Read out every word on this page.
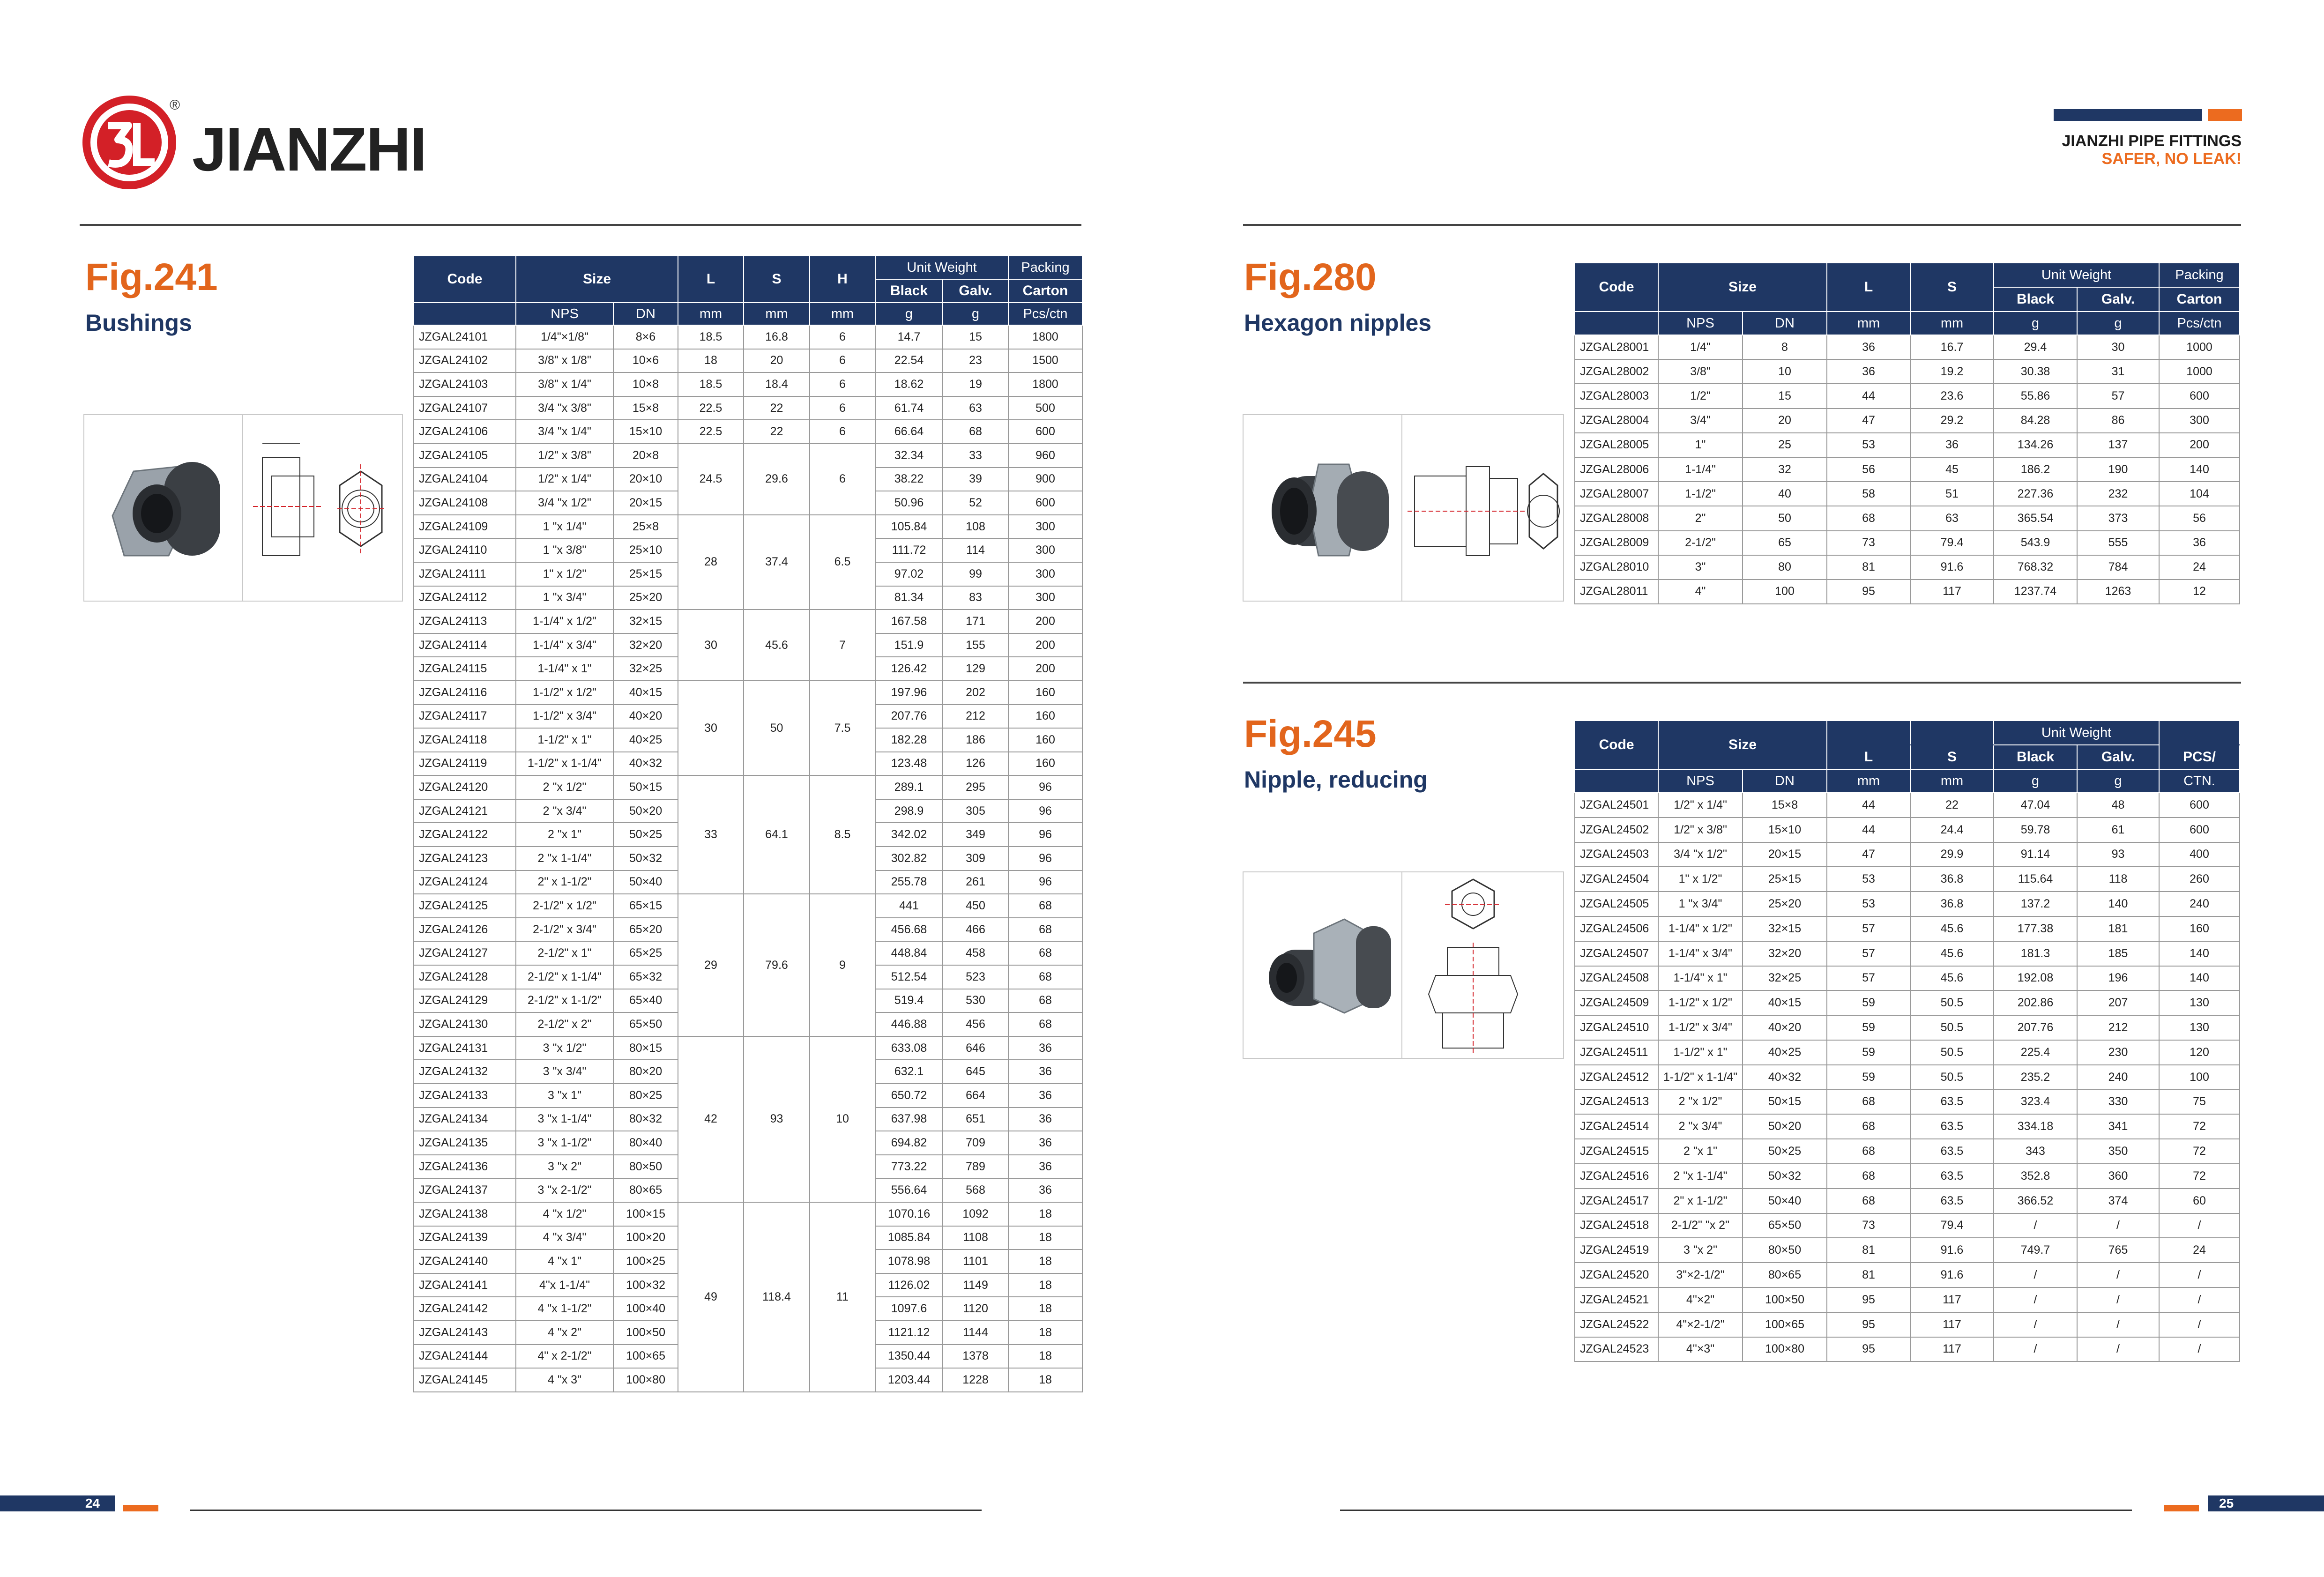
®
JIANZHI	JIANZHI PIPE FITTINGS
SAFER, NO LEAK!
Fig.241
Bushings
Code	Size		L	S	H	Unit Weight		Packing
						Black	Galv.	Carton
	NPS	DN	mm	mm	mm	g	g	Pcs/ctn
JZGAL24101	1/4"×1/8"	8×6	18.5	16.8	6	14.7	15	1800
JZGAL24102	3/8" x 1/8"	10×6	18	20	6	22.54	23	1500
JZGAL24103	3/8" x 1/4"	10×8	18.5	18.4	6	18.62	19	1800
JZGAL24107	3/4 "x 3/8"	15×8	22.5	22	6	61.74	63	500
JZGAL24106	3/4 "x 1/4"	15×10	22.5	22	6	66.64	68	600
JZGAL24105	1/2" x 3/8"	20×8	24.5	29.6	6	32.34	33	960
JZGAL24104	1/2" x 1/4"	20×10				38.22	39	900
JZGAL24108	3/4 "x 1/2"	20×15				50.96	52	600
JZGAL24109	1 "x 1/4"	25×8	28	37.4	6.5	105.84	108	300
JZGAL24110	1 "x 3/8"	25×10				111.72	114	300
JZGAL24111	1" x 1/2"	25×15				97.02	99	300
JZGAL24112	1 "x 3/4"	25×20				81.34	83	300
JZGAL24113	1-1/4" x 1/2"	32×15	30	45.6	7	167.58	171	200
JZGAL24114	1-1/4" x 3/4"	32×20				151.9	155	200
JZGAL24115	1-1/4" x 1"	32×25				126.42	129	200
JZGAL24116	1-1/2" x 1/2"	40×15	30	50	7.5	197.96	202	160
JZGAL24117	1-1/2" x 3/4"	40×20				207.76	212	160
JZGAL24118	1-1/2" x 1"	40×25				182.28	186	160
JZGAL24119	1-1/2" x 1-1/4"	40×32				123.48	126	160
JZGAL24120	2 "x 1/2"	50×15	33	64.1	8.5	289.1	295	96
JZGAL24121	2 "x 3/4"	50×20				298.9	305	96
JZGAL24122	2 "x 1"	50×25				342.02	349	96
JZGAL24123	2 "x 1-1/4"	50×32				302.82	309	96
JZGAL24124	2" x 1-1/2"	50×40				255.78	261	96
JZGAL24125	2-1/2" x 1/2"	65×15	29	79.6	9	441	450	68
JZGAL24126	2-1/2" x 3/4"	65×20				456.68	466	68
JZGAL24127	2-1/2" x 1"	65×25				448.84	458	68
JZGAL24128	2-1/2" x 1-1/4"	65×32				512.54	523	68
JZGAL24129	2-1/2" x 1-1/2"	65×40				519.4	530	68
JZGAL24130	2-1/2" x 2"	65×50				446.88	456	68
JZGAL24131	3 "x 1/2"	80×15	42	93	10	633.08	646	36
JZGAL24132	3 "x 3/4"	80×20				632.1	645	36
JZGAL24133	3 "x 1"	80×25				650.72	664	36
JZGAL24134	3 "x 1-1/4"	80×32				637.98	651	36
JZGAL24135	3 "x 1-1/2"	80×40				694.82	709	36
JZGAL24136	3 "x 2"	80×50				773.22	789	36
JZGAL24137	3 "x 2-1/2"	80×65				556.64	568	36
JZGAL24138	4 "x 1/2"	100×15	49	118.4	11	1070.16	1092	18
JZGAL24139	4 "x 3/4"	100×20				1085.84	1108	18
JZGAL24140	4 "x 1"	100×25				1078.98	1101	18
JZGAL24141	4"x 1-1/4"	100×32				1126.02	1149	18
JZGAL24142	4 "x 1-1/2"	100×40				1097.6	1120	18
JZGAL24143	4 "x 2"	100×50				1121.12	1144	18
JZGAL24144	4" x 2-1/2"	100×65				1350.44	1378	18
JZGAL24145	4 "x 3"	100×80				1203.44	1228	18
Fig.280
Hexagon nipples
Code	Size		L	S	Unit Weight		Packing
					Black	Galv.	Carton
	NPS	DN	mm	mm	g	g	Pcs/ctn
JZGAL28001	1/4"	8	36	16.7	29.4	30	1000
JZGAL28002	3/8"	10	36	19.2	30.38	31	1000
JZGAL28003	1/2"	15	44	23.6	55.86	57	600
JZGAL28004	3/4"	20	47	29.2	84.28	86	300
JZGAL28005	1"	25	53	36	134.26	137	200
JZGAL28006	1-1/4"	32	56	45	186.2	190	140
JZGAL28007	1-1/2"	40	58	51	227.36	232	104
JZGAL28008	2"	50	68	63	365.54	373	56
JZGAL28009	2-1/2"	65	73	79.4	543.9	555	36
JZGAL28010	3"	80	81	91.6	768.32	784	24
JZGAL28011	4"	100	95	117	1237.74	1263	12
Fig.245
Nipple, reducing
Code	Size				Unit Weight		
			L	S	Black	Galv.	PCS/
	NPS	DN	mm	mm	g	g	CTN.
JZGAL24501	1/2" x 1/4"	15×8	44	22	47.04	48	600
JZGAL24502	1/2" x 3/8"	15×10	44	24.4	59.78	61	600
JZGAL24503	3/4 "x 1/2"	20×15	47	29.9	91.14	93	400
JZGAL24504	1" x 1/2"	25×15	53	36.8	115.64	118	260
JZGAL24505	1 "x 3/4"	25×20	53	36.8	137.2	140	240
JZGAL24506	1-1/4" x 1/2"	32×15	57	45.6	177.38	181	160
JZGAL24507	1-1/4" x 3/4"	32×20	57	45.6	181.3	185	140
JZGAL24508	1-1/4" x 1"	32×25	57	45.6	192.08	196	140
JZGAL24509	1-1/2" x 1/2"	40×15	59	50.5	202.86	207	130
JZGAL24510	1-1/2" x 3/4"	40×20	59	50.5	207.76	212	130
JZGAL24511	1-1/2" x 1"	40×25	59	50.5	225.4	230	120
JZGAL24512	1-1/2" x 1-1/4"	40×32	59	50.5	235.2	240	100
JZGAL24513	2 "x 1/2"	50×15	68	63.5	323.4	330	75
JZGAL24514	2 "x 3/4"	50×20	68	63.5	334.18	341	72
JZGAL24515	2 "x 1"	50×25	68	63.5	343	350	72
JZGAL24516	2 "x 1-1/4"	50×32	68	63.5	352.8	360	72
JZGAL24517	2" x 1-1/2"	50×40	68	63.5	366.52	374	60
JZGAL24518	2-1/2" "x 2"	65×50	73	79.4	/	/	/
JZGAL24519	3 "x 2"	80×50	81	91.6	749.7	765	24
JZGAL24520	3"×2-1/2"	80×65	81	91.6	/	/	/
JZGAL24521	4"×2"	100×50	95	117	/	/	/
JZGAL24522	4"×2-1/2"	100×65	95	117	/	/	/
JZGAL24523	4"×3"	100×80	95	117	/	/	/
24	25
